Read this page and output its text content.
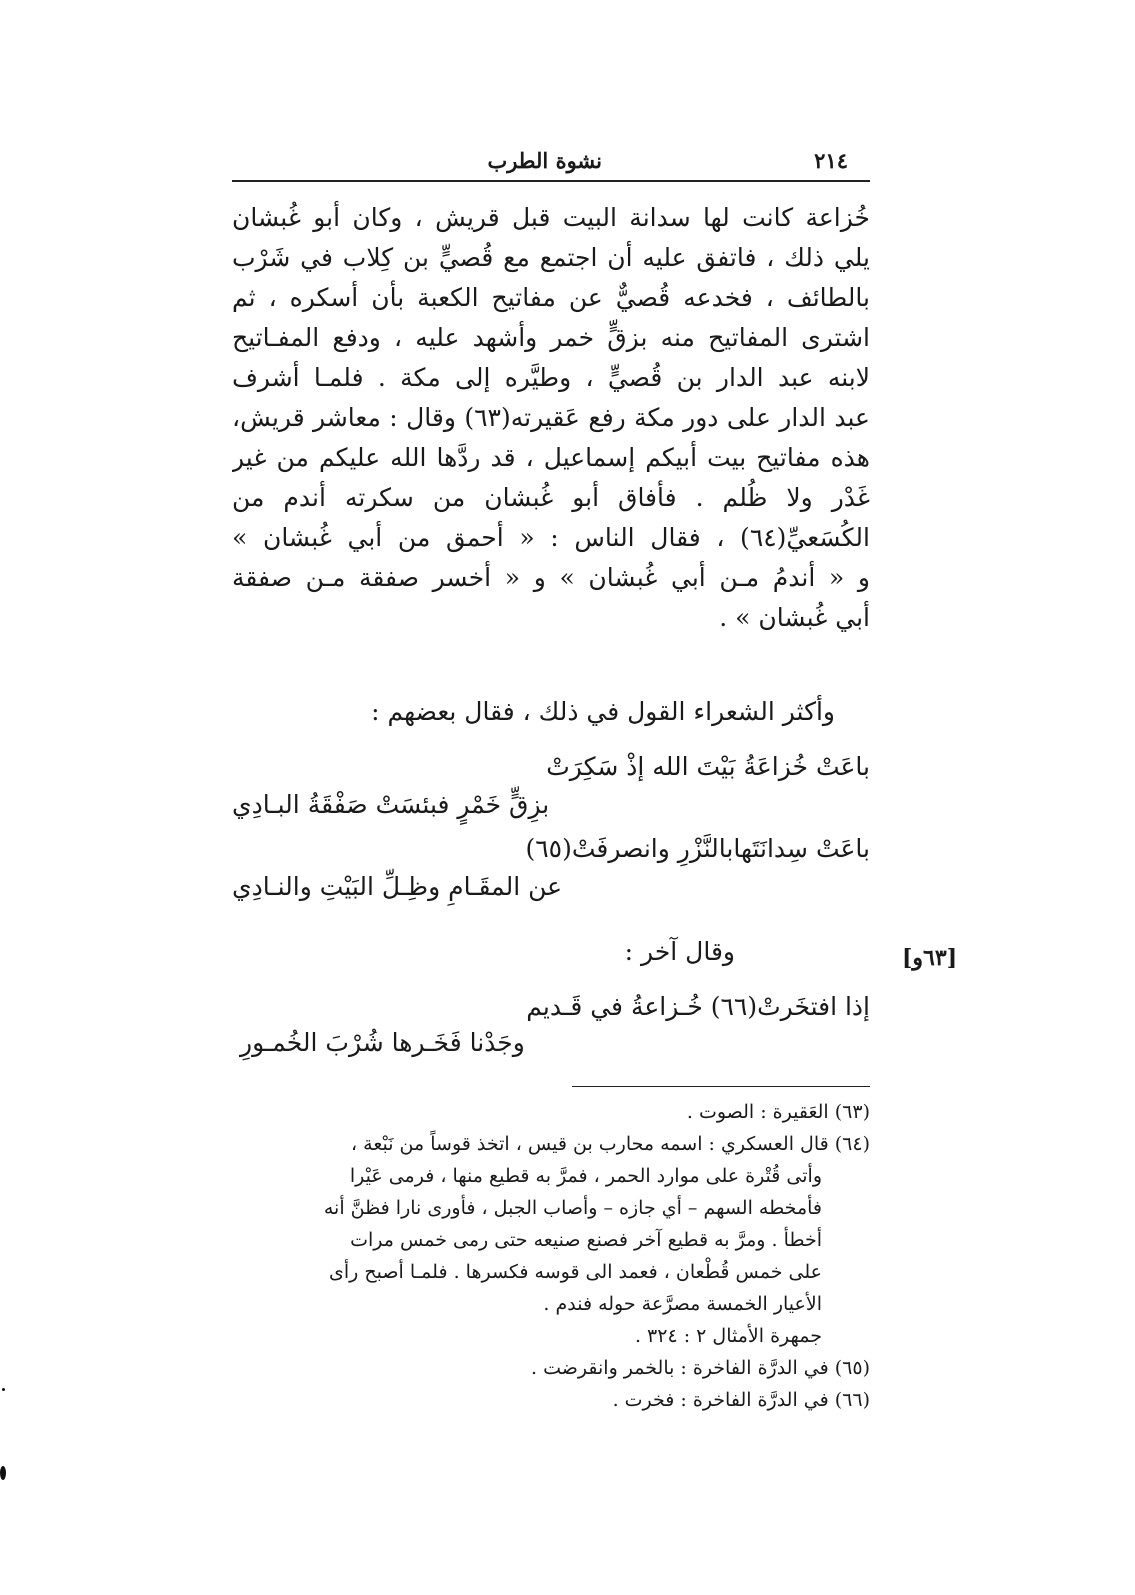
٢١٤
نشوة الطرب
خُزاعة كانت لها سدانة البيت قبل قريش ، وكان أبو غُبشان
يلي ذلك ، فاتفق عليه أن اجتمع مع قُصيٍّ بن كِلاب في شَرْب
بالطائف ، فخدعه قُصيٌّ عن مفاتيح الكعبة بأن أسكره ، ثم
اشترى المفاتيح منه بزقٍّ خمر وأشهد عليه ، ودفع المفـاتيح
لابنه عبد الدار بن قُصيٍّ ، وطيَّره إلى مكة . فلمـا أشرف
عبد الدار على دور مكة رفع عَقيرته(٦٣) وقال : معاشر قريش،
هذه مفاتيح بيت أبيكم إسماعيل ، قد ردَّها الله عليكم من غير
غَدْر ولا ظُلم . فأفاق أبو غُبشان من سكرته أندم من
الكُسَعيِّ(٦٤) ، فقال الناس : « أحمق من أبي غُبشان »
و « أندمُ مـن أبي غُبشان » و « أخسر صفقة مـن صفقة
أبي غُبشان » .
وأكثر الشعراء القول في ذلك ، فقال بعضهم :
باعَتْ خُزاعَةُ بَيْتَ الله إذْ سَكِرَتْ
بزِقٍّ خَمْرٍ فبئسَتْ صَفْقَةُ البـادِي
باعَتْ سِدانَتَهابالنَّزْرِ وانصرفَتْ(٦٥)
عن المقَـامِ وظِـلِّ البَيْتِ والنـادِي
وقال آخر :	[٦٣و]
إذا افتخَرتْ(٦٦) خُـزاعةُ في قَـديم
وجَدْنا فَخَـرها شُرْبَ الخُمـورِ
(٦٣) العَقيرة : الصوت .
(٦٤) قال العسكري : اسمه محارب بن قيس ، اتخذ قوساً من نَبْعة ،
وأتى قُتْرة على موارد الحمر ، فمرَّ به قطيع منها ، فرمى عَيْرا
فأمخطه السهم – أي جازه – وأصاب الجبل ، فأورى نارا فظنَّ أنه
أخطأ . ومرَّ به قطيع آخر فصنع صنيعه حتى رمى خمس مرات
على خمس قُطْعان ، فعمد الى قوسه فكسرها . فلمـا أصبح رأى
الأعيار الخمسة مصرَّعة حوله فندم .
جمهرة الأمثال ٢ : ٣٢٤ .
(٦٥) في الدرَّة الفاخرة : بالخمر وانقرضت .
(٦٦) في الدرَّة الفاخرة : فخرت .
